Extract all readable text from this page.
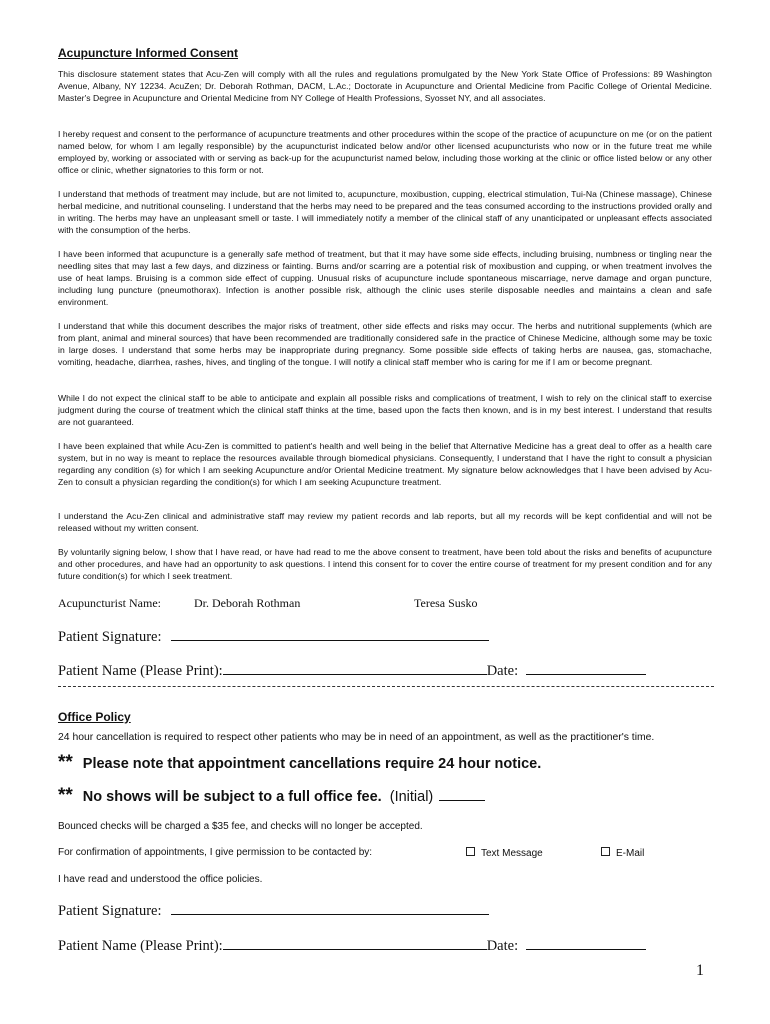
Acupuncture Informed Consent
This disclosure statement states that Acu-Zen will comply with all the rules and regulations promulgated by the New York State Office of Professions: 89 Washington Avenue, Albany, NY 12234. AcuZen; Dr. Deborah Rothman, DACM, L.Ac.; Doctorate in Acupuncture and Oriental Medicine from Pacific College of Oriental Medicine. Master's Degree in Acupuncture and Oriental Medicine from NY College of Health Professions, Syosset NY, and all associates.
I hereby request and consent to the performance of acupuncture treatments and other procedures within the scope of the practice of acupuncture on me (or on the patient named below, for whom I am legally responsible) by the acupuncturist indicated below and/or other licensed acupuncturists who now or in the future treat me while employed by, working or associated with or serving as back-up for the acupuncturist named below, including those working at the clinic or office listed below or any other office or clinic, whether signatories to this form or not.
I understand that methods of treatment may include, but are not limited to, acupuncture, moxibustion, cupping, electrical stimulation, Tui-Na (Chinese massage), Chinese herbal medicine, and nutritional counseling. I understand that the herbs may need to be prepared and the teas consumed according to the instructions provided orally and in writing. The herbs may have an unpleasant smell or taste. I will immediately notify a member of the clinical staff of any unanticipated or unpleasant effects associated with the consumption of the herbs.
I have been informed that acupuncture is a generally safe method of treatment, but that it may have some side effects, including bruising, numbness or tingling near the needling sites that may last a few days, and dizziness or fainting. Burns and/or scarring are a potential risk of moxibustion and cupping, or when treatment involves the use of heat lamps. Bruising is a common side effect of cupping. Unusual risks of acupuncture include spontaneous miscarriage, nerve damage and organ puncture, including lung puncture (pneumothorax). Infection is another possible risk, although the clinic uses sterile disposable needles and maintains a clean and safe environment.
I understand that while this document describes the major risks of treatment, other side effects and risks may occur. The herbs and nutritional supplements (which are from plant, animal and mineral sources) that have been recommended are traditionally considered safe in the practice of Chinese Medicine, although some may be toxic in large doses. I understand that some herbs may be inappropriate during pregnancy. Some possible side effects of taking herbs are nausea, gas, stomachache, vomiting, headache, diarrhea, rashes, hives, and tingling of the tongue. I will notify a clinical staff member who is caring for me if I am or become pregnant.
While I do not expect the clinical staff to be able to anticipate and explain all possible risks and complications of treatment, I wish to rely on the clinical staff to exercise judgment during the course of treatment which the clinical staff thinks at the time, based upon the facts then known, and is in my best interest. I understand that results are not guaranteed.
I have been explained that while Acu-Zen is committed to patient's health and well being in the belief that Alternative Medicine has a great deal to offer as a health care system, but in no way is meant to replace the resources available through biomedical physicians. Consequently, I understand that I have the right to consult a physician regarding any condition (s) for which I am seeking Acupuncture and/or Oriental Medicine treatment. My signature below acknowledges that I have been advised by Acu-Zen to consult a physician regarding the condition(s) for which I am seeking Acupuncture treatment.
I understand the Acu-Zen clinical and administrative staff may review my patient records and lab reports, but all my records will be kept confidential and will not be released without my written consent.
By voluntarily signing below, I show that I have read, or have had read to me the above consent to treatment, have been told about the risks and benefits of acupuncture and other procedures, and have had an opportunity to ask questions. I intend this consent for to cover the entire course of treatment for my present condition and for any future condition(s) for which I seek treatment.
Acupuncturist Name:	Dr. Deborah Rothman	Teresa Susko
Patient Signature:
Patient Name (Please Print):	Date:
Office Policy
24 hour cancellation is required to respect other patients who may be in need of an appointment, as well as the practitioner's time.
** Please note that appointment cancellations require 24 hour notice.
** No shows will be subject to a full office fee. (Initial)
Bounced checks will be charged a $35 fee, and checks will no longer be accepted.
For confirmation of appointments, I give permission to be contacted by:	Text Message	E-Mail
I have read and understood the office policies.
Patient Signature:
Patient Name (Please Print):	Date:
1
